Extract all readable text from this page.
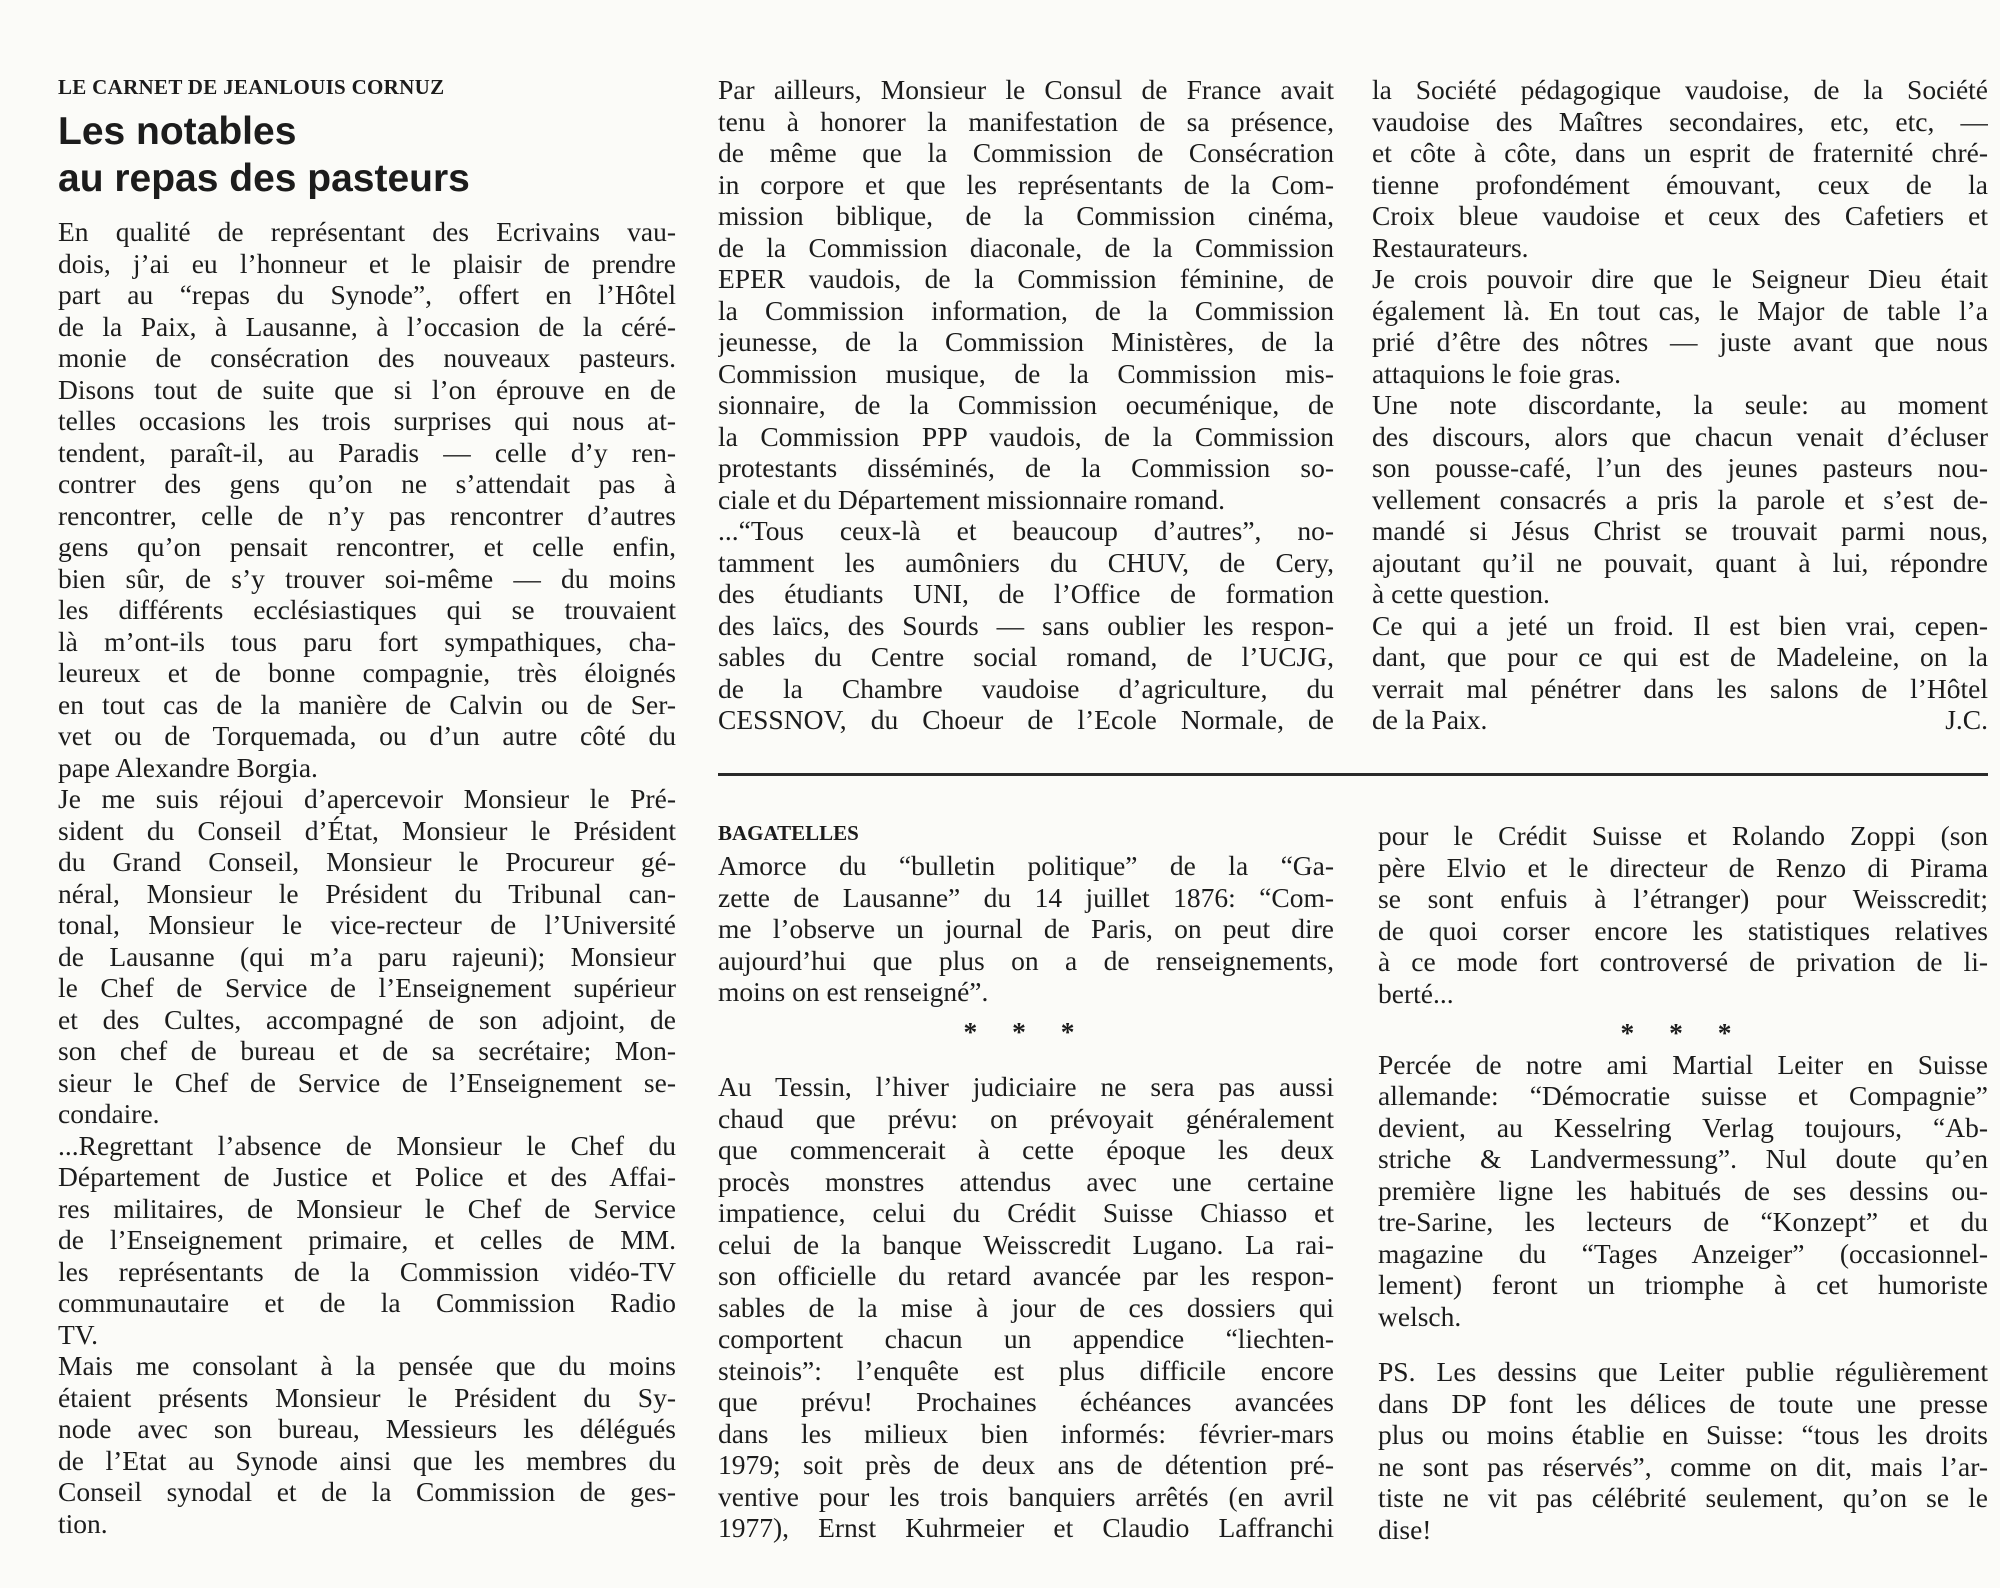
LE CARNET DE JEANLOUIS CORNUZ
Les notables
au repas des pasteurs
En qualité de représentant des Ecrivains vau-
dois, j’ai eu l’honneur et le plaisir de prendre
part au “repas du Synode”, offert en l’Hôtel
de la Paix, à Lausanne, à l’occasion de la céré-
monie de consécration des nouveaux pasteurs.
Disons tout de suite que si l’on éprouve en de
telles occasions les trois surprises qui nous at-
tendent, paraît-il, au Paradis — celle d’y ren-
contrer des gens qu’on ne s’attendait pas à
rencontrer, celle de n’y pas rencontrer d’autres
gens qu’on pensait rencontrer, et celle enfin,
bien sûr, de s’y trouver soi-même — du moins
les différents ecclésiastiques qui se trouvaient
là m’ont-ils tous paru fort sympathiques, cha-
leureux et de bonne compagnie, très éloignés
en tout cas de la manière de Calvin ou de Ser-
vet ou de Torquemada, ou d’un autre côté du
pape Alexandre Borgia.
Je me suis réjoui d’apercevoir Monsieur le Pré-
sident du Conseil d’État, Monsieur le Président
du Grand Conseil, Monsieur le Procureur gé-
néral, Monsieur le Président du Tribunal can-
tonal, Monsieur le vice-recteur de l’Université
de Lausanne (qui m’a paru rajeuni); Monsieur
le Chef de Service de l’Enseignement supérieur
et des Cultes, accompagné de son adjoint, de
son chef de bureau et de sa secrétaire; Mon-
sieur le Chef de Service de l’Enseignement se-
condaire.
...Regrettant l’absence de Monsieur le Chef du
Département de Justice et Police et des Affai-
res militaires, de Monsieur le Chef de Service
de l’Enseignement primaire, et celles de MM.
les représentants de la Commission vidéo-TV
communautaire et de la Commission Radio
TV.
Mais me consolant à la pensée que du moins
étaient présents Monsieur le Président du Sy-
node avec son bureau, Messieurs les délégués
de l’Etat au Synode ainsi que les membres du
Conseil synodal et de la Commission de ges-
tion.
Par ailleurs, Monsieur le Consul de France avait
tenu à honorer la manifestation de sa présence,
de même que la Commission de Consécration
in corpore et que les représentants de la Com-
mission biblique, de la Commission cinéma,
de la Commission diaconale, de la Commission
EPER vaudois, de la Commission féminine, de
la Commission information, de la Commission
jeunesse, de la Commission Ministères, de la
Commission musique, de la Commission mis-
sionnaire, de la Commission oecuménique, de
la Commission PPP vaudois, de la Commission
protestants disséminés, de la Commission so-
ciale et du Département missionnaire romand.
...“Tous ceux-là et beaucoup d’autres”, no-
tamment les aumôniers du CHUV, de Cery,
des étudiants UNI, de l’Office de formation
des laïcs, des Sourds — sans oublier les respon-
sables du Centre social romand, de l’UCJG,
de la Chambre vaudoise d’agriculture, du
CESSNOV, du Choeur de l’Ecole Normale, de
la Société pédagogique vaudoise, de la Société
vaudoise des Maîtres secondaires, etc, etc, —
et côte à côte, dans un esprit de fraternité chré-
tienne profondément émouvant, ceux de la
Croix bleue vaudoise et ceux des Cafetiers et
Restaurateurs.
Je crois pouvoir dire que le Seigneur Dieu était
également là. En tout cas, le Major de table l’a
prié d’être des nôtres — juste avant que nous
attaquions le foie gras.
Une note discordante, la seule: au moment
des discours, alors que chacun venait d’écluser
son pousse-café, l’un des jeunes pasteurs nou-
vellement consacrés a pris la parole et s’est de-
mandé si Jésus Christ se trouvait parmi nous,
ajoutant qu’il ne pouvait, quant à lui, répondre
à cette question.
Ce qui a jeté un froid. Il est bien vrai, cepen-
dant, que pour ce qui est de Madeleine, on la
verrait mal pénétrer dans les salons de l’Hôtel
de la Paix.	J.C.
BAGATELLES
Amorce du “bulletin politique” de la “Ga-
zette de Lausanne” du 14 juillet 1876: “Com-
me l’observe un journal de Paris, on peut dire
aujourd’hui que plus on a de renseignements,
moins on est renseigné”.
* * *
Au Tessin, l’hiver judiciaire ne sera pas aussi
chaud que prévu: on prévoyait généralement
que commencerait à cette époque les deux
procès monstres attendus avec une certaine
impatience, celui du Crédit Suisse Chiasso et
celui de la banque Weisscredit Lugano. La rai-
son officielle du retard avancée par les respon-
sables de la mise à jour de ces dossiers qui
comportent chacun un appendice “liechten-
steinois”: l’enquête est plus difficile encore
que prévu! Prochaines échéances avancées
dans les milieux bien informés: février-mars
1979; soit près de deux ans de détention pré-
ventive pour les trois banquiers arrêtés (en avril
1977), Ernst Kuhrmeier et Claudio Laffranchi
pour le Crédit Suisse et Rolando Zoppi (son
père Elvio et le directeur de Renzo di Pirama
se sont enfuis à l’étranger) pour Weisscredit;
de quoi corser encore les statistiques relatives
à ce mode fort controversé de privation de li-
berté...
* * *
Percée de notre ami Martial Leiter en Suisse
allemande: “Démocratie suisse et Compagnie”
devient, au Kesselring Verlag toujours, “Ab-
striche & Landvermessung”. Nul doute qu’en
première ligne les habitués de ses dessins ou-
tre-Sarine, les lecteurs de “Konzept” et du
magazine du “Tages Anzeiger” (occasionnel-
lement) feront un triomphe à cet humoriste
welsch.
PS. Les dessins que Leiter publie régulièrement
dans DP font les délices de toute une presse
plus ou moins établie en Suisse: “tous les droits
ne sont pas réservés”, comme on dit, mais l’ar-
tiste ne vit pas célébrité seulement, qu’on se le
dise!
